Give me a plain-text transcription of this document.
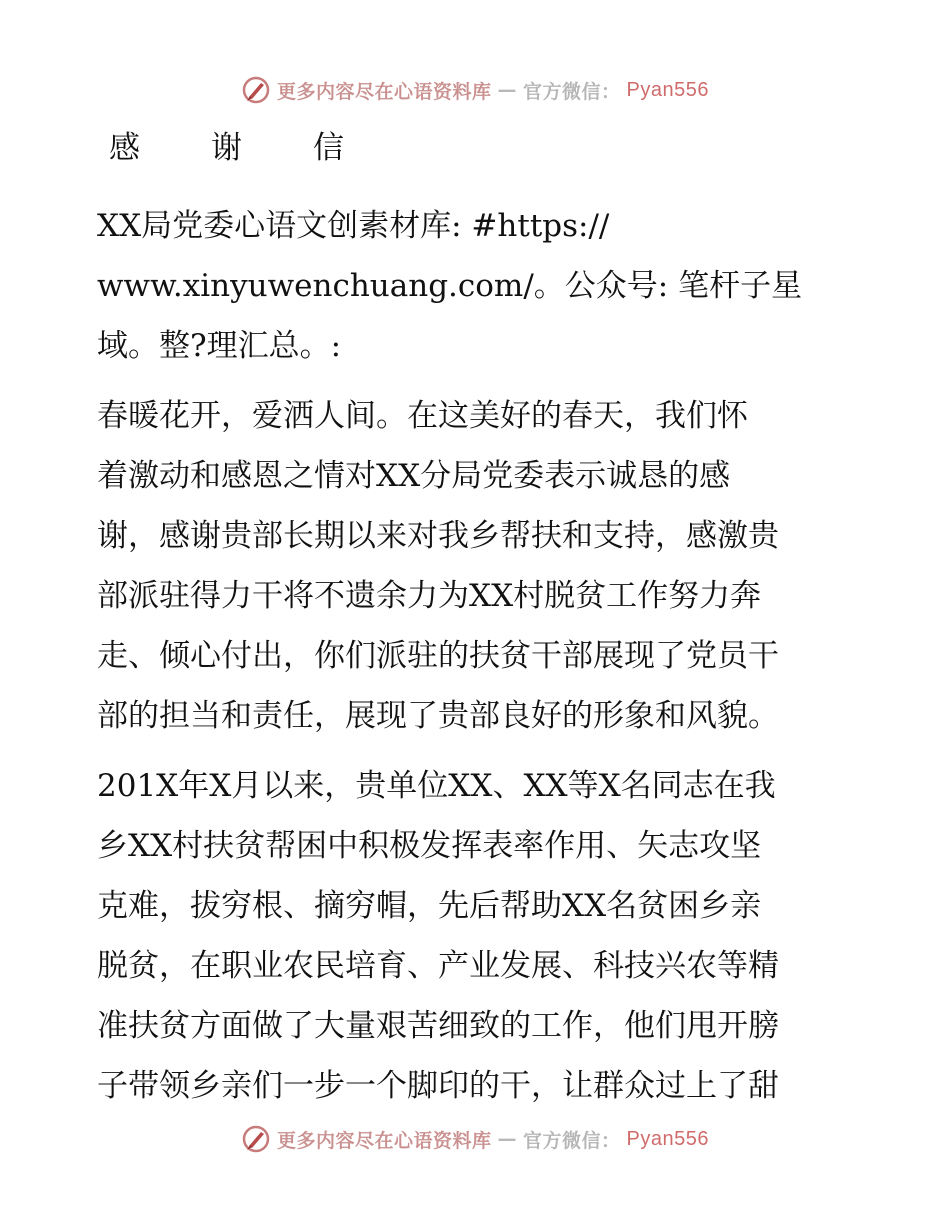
更多内容尽在心语资料库 — 官方微信： Pyan556
感　谢　信
XX局党委心语文创素材库: #https://
www.xinyuwenchuang.com/。公众号: 笔杆子星
域。整?理汇总。:
春暖花开，爱洒人间。在这美好的春天，我们怀
着激动和感恩之情对XX分局党委表示诚恳的感
谢，感谢贵部长期以来对我乡帮扶和支持，感激贵
部派驻得力干将不遗余力为XX村脱贫工作努力奔
走、倾心付出，你们派驻的扶贫干部展现了党员干
部的担当和责任，展现了贵部良好的形象和风貌。
201X年X月以来，贵单位XX、XX等X名同志在我
乡XX村扶贫帮困中积极发挥表率作用、矢志攻坚
克难，拔穷根、摘穷帽，先后帮助XX名贫困乡亲
脱贫，在职业农民培育、产业发展、科技兴农等精
准扶贫方面做了大量艰苦细致的工作，他们甩开膀
子带领乡亲们一步一个脚印的干，让群众过上了甜
更多内容尽在心语资料库 — 官方微信： Pyan556
